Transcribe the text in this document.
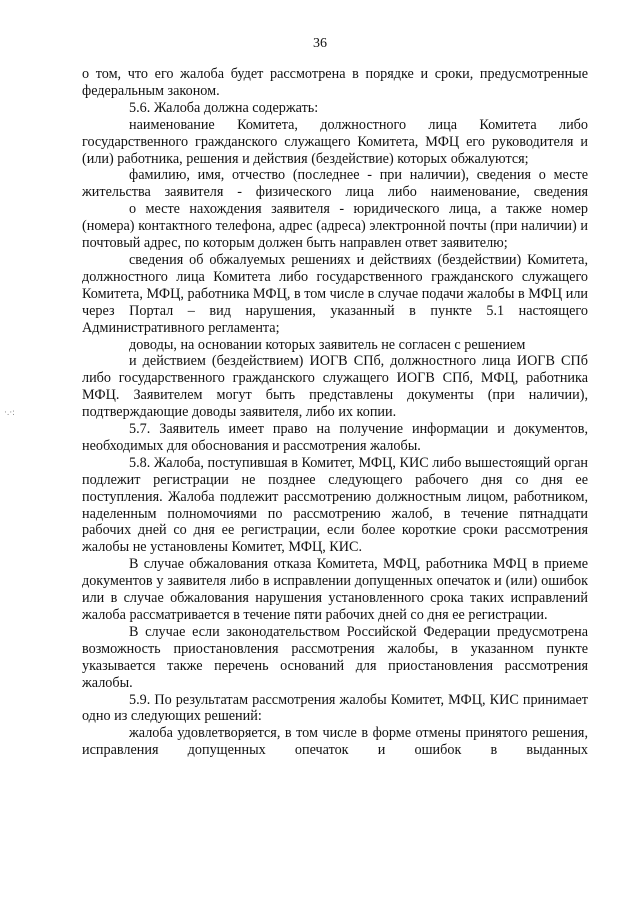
36

о том, что его жалоба будет рассмотрена в порядке и сроки, предусмотренные федеральным законом.

5.6. Жалоба должна содержать:

наименование Комитета, должностного лица Комитета либо государственного гражданского служащего Комитета, МФЦ его руководителя и (или) работника, решения и действия (бездействие) которых обжалуются;

фамилию, имя, отчество (последнее - при наличии), сведения о месте жительства заявителя - физического лица либо наименование, сведения

о месте нахождения заявителя - юридического лица, а также номер (номера) контактного телефона, адрес (адреса) электронной почты (при наличии) и почтовый адрес, по которым должен быть направлен ответ заявителю;

сведения об обжалуемых решениях и действиях (бездействии) Комитета, должностного лица Комитета либо государственного гражданского служащего Комитета, МФЦ, работника МФЦ, в том числе в случае подачи жалобы в МФЦ или через Портал – вид нарушения, указанный в пункте 5.1 настоящего Административного регламента;

доводы, на основании которых заявитель не согласен с решением

и действием (бездействием) ИОГВ СПб, должностного лица ИОГВ СПб либо государственного гражданского служащего ИОГВ СПб, МФЦ, работника МФЦ. Заявителем могут быть представлены документы (при наличии), подтверждающие доводы заявителя, либо их копии.

5.7. Заявитель имеет право на получение информации и документов, необходимых для обоснования и рассмотрения жалобы.

5.8. Жалоба, поступившая в Комитет, МФЦ, КИС либо вышестоящий орган подлежит регистрации не позднее следующего рабочего дня со дня ее поступления. Жалоба подлежит рассмотрению должностным лицом, работником, наделенным полномочиями по рассмотрению жалоб, в течение пятнадцати рабочих дней со дня ее регистрации, если более короткие сроки рассмотрения жалобы не установлены Комитет, МФЦ, КИС.

В случае обжалования отказа Комитета, МФЦ, работника МФЦ в приеме документов у заявителя либо в исправлении допущенных опечаток и (или) ошибок или в случае обжалования нарушения установленного срока таких исправлений жалоба рассматривается в течение пяти рабочих дней со дня ее регистрации.

В случае если законодательством Российской Федерации предусмотрена возможность приостановления рассмотрения жалобы, в указанном пункте указывается также перечень оснований для приостановления рассмотрения жалобы.

5.9. По результатам рассмотрения жалобы Комитет, МФЦ, КИС принимает одно из следующих решений:

жалоба удовлетворяется, в том числе в форме отмены принятого решения, исправления допущенных опечаток и ошибок в выданных

·.·:
